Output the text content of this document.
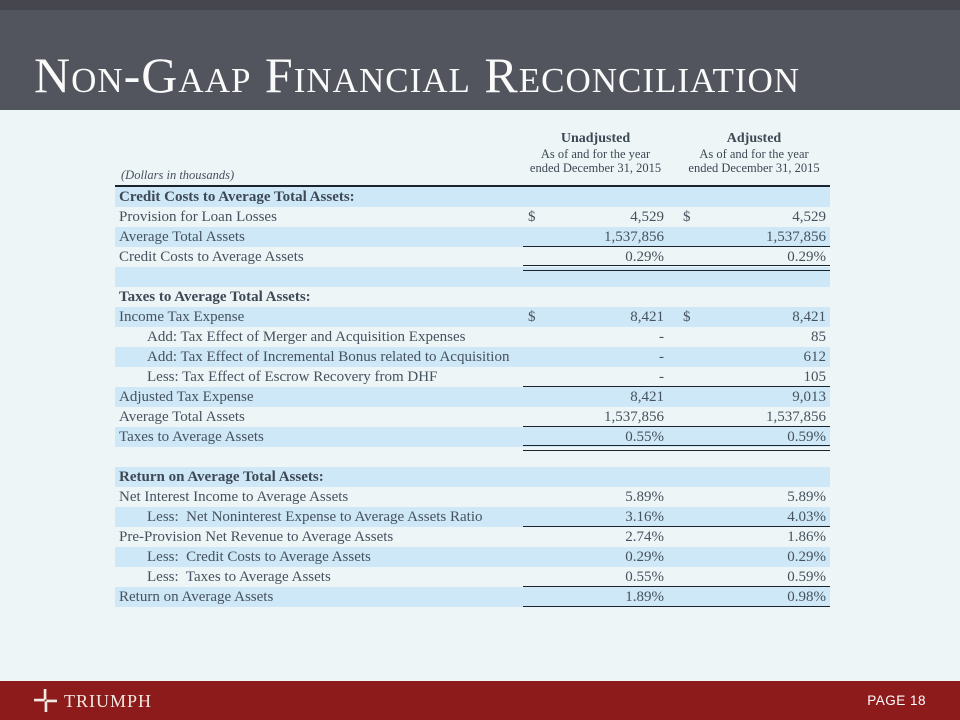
Non-Gaap Financial Reconciliation
(Dollars in thousands)
Unadjusted
As of and for the year
ended December 31, 2015
Adjusted
As of and for the year
ended December 31, 2015
Credit Costs to Average Total Assets:
Provision for Loan Losses	$	4,529 $	4,529
Average Total Assets	1,537,856	1,537,856
Credit Costs to Average Assets	0.29%	0.29%
Taxes to Average Total Assets:
Income Tax Expense	$	8,421 $	8,421
Add: Tax Effect of Merger and Acquisition Expenses	-	85
Add: Tax Effect of Incremental Bonus related to Acquisition	-	612
Less: Tax Effect of Escrow Recovery from DHF	-	105
Adjusted Tax Expense	8,421	9,013
Average Total Assets	1,537,856	1,537,856
Taxes to Average Assets	0.55%	0.59%
Return on Average Total Assets:
Net Interest Income to Average Assets	5.89%	5.89%
Less:  Net Noninterest Expense to Average Assets Ratio	3.16%	4.03%
Pre-Provision Net Revenue to Average Assets	2.74%	1.86%
Less:  Credit Costs to Average Assets	0.29%	0.29%
Less:  Taxes to Average Assets	0.55%	0.59%
Return on Average Assets	1.89%	0.98%
TRIUMPH	PAGE 18
